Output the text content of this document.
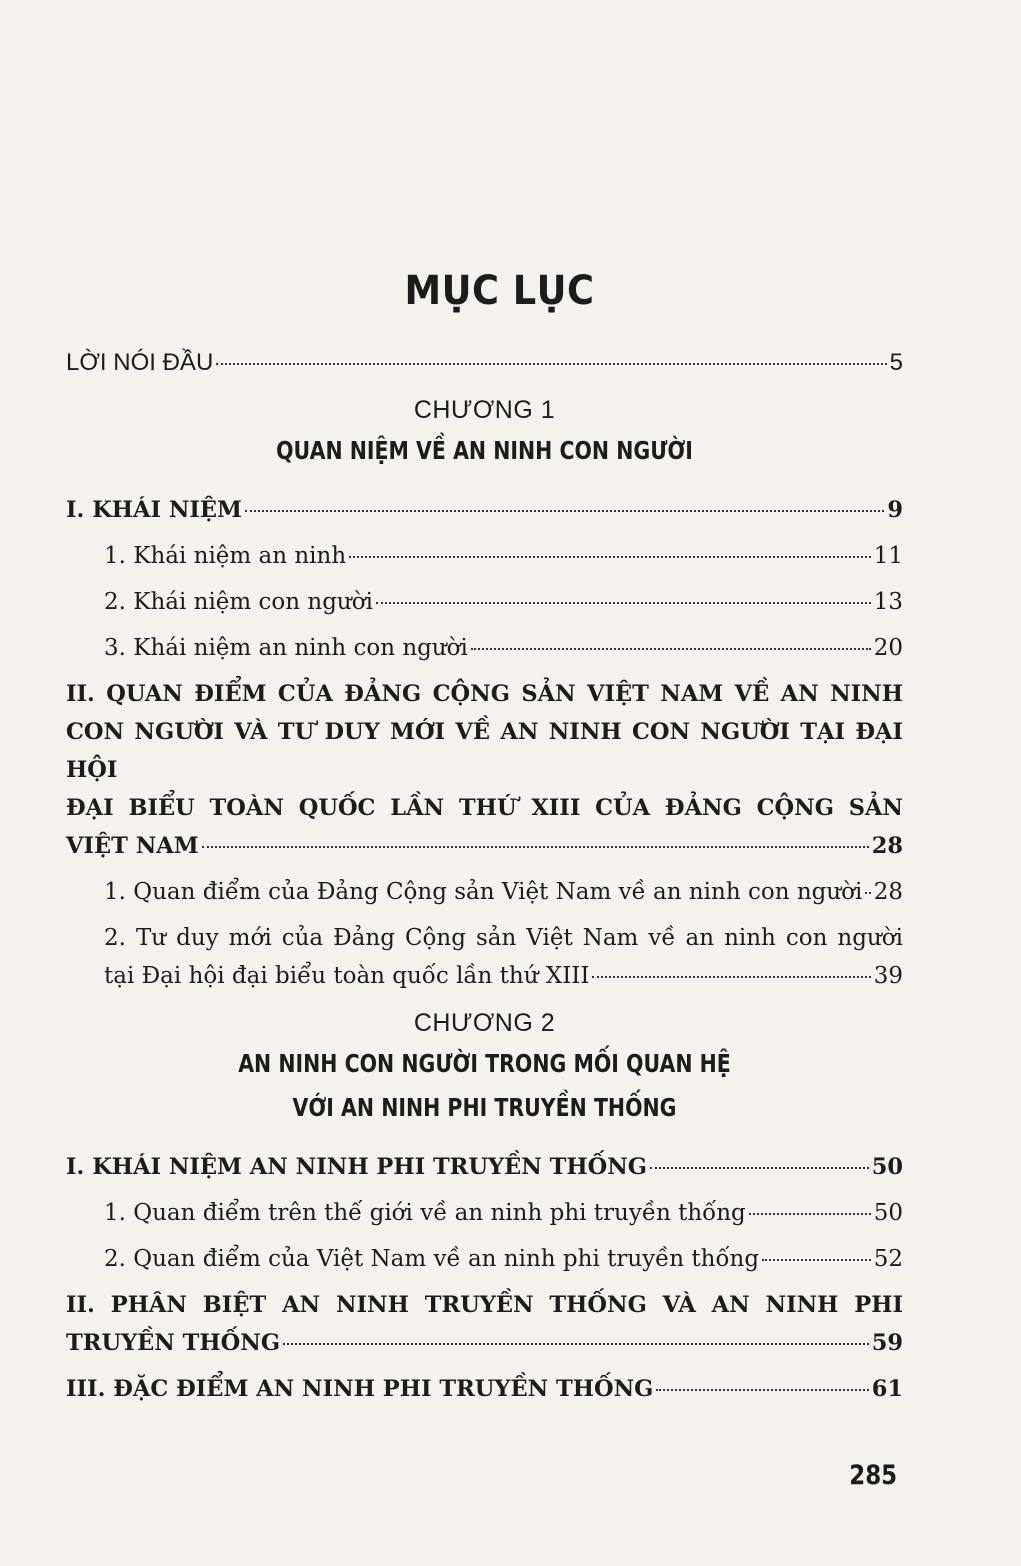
MỤC LỤC
LỜI NÓI ĐẦU	5
CHƯƠNG 1
QUAN NIỆM VỀ AN NINH CON NGƯỜI
I. KHÁI NIỆM	9
1. Khái niệm an ninh	11
2. Khái niệm con người	13
3. Khái niệm an ninh con người	20
II. QUAN ĐIỂM CỦA ĐẢNG CỘNG SẢN VIỆT NAM VỀ AN NINH
CON NGƯỜI VÀ TƯ DUY MỚI VỀ AN NINH CON NGƯỜI TẠI ĐẠI HỘI
ĐẠI BIỂU TOÀN QUỐC LẦN THỨ XIII CỦA ĐẢNG CỘNG SẢN
VIỆT NAM	28
1. Quan điểm của Đảng Cộng sản Việt Nam về an ninh con người 28
2. Tư duy mới của Đảng Cộng sản Việt Nam về an ninh con người
tại Đại hội đại biểu toàn quốc lần thứ XIII	39
CHƯƠNG 2
AN NINH CON NGƯỜI TRONG MỐI QUAN HỆ
VỚI AN NINH PHI TRUYỀN THỐNG
I. KHÁI NIỆM AN NINH PHI TRUYỀN THỐNG	50
1. Quan điểm trên thế giới về an ninh phi truyền thống	50
2. Quan điểm của Việt Nam về an ninh phi truyền thống	52
II. PHÂN BIỆT AN NINH TRUYỀN THỐNG VÀ AN NINH PHI
TRUYỀN THỐNG	59
III. ĐẶC ĐIỂM AN NINH PHI TRUYỀN THỐNG	61
285
